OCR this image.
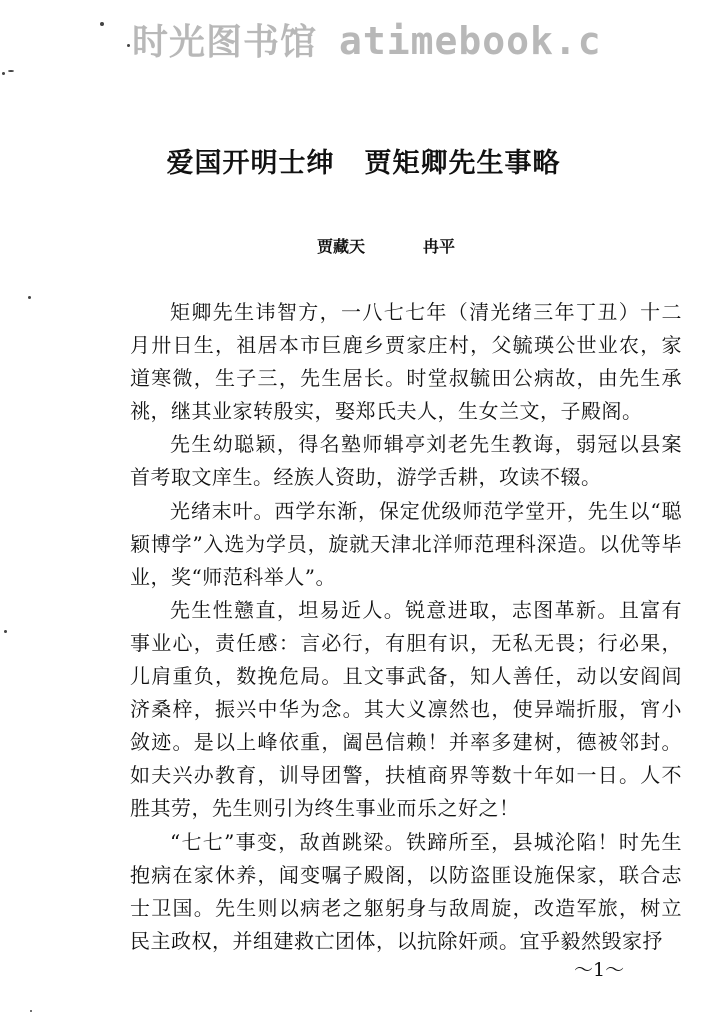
时光图书馆 atimebook.c
爱国开明士绅 贾矩卿先生事略
贾藏天	冉平

矩卿先生讳智方，一八七七年（清光绪三年丁丑）十二月卅日生，祖居本市巨鹿乡贾家庄村，父毓瑛公世业农，家道寒微，生子三，先生居长。时堂叔毓田公病故，由先生承祧，继其业家转殷实，娶郑氏夫人，生女兰文，子殿阁。

先生幼聪颖，得名塾师辑亭刘老先生教诲，弱冠以县案首考取文庠生。经族人资助，游学舌耕，攻读不辍。

光绪末叶。西学东渐，保定优级师范学堂开，先生以“聪颖博学”入选为学员，旋就天津北洋师范理科深造。以优等毕业，奖“师范科举人”。

先生性戆直，坦易近人。锐意进取，志图革新。且富有事业心，责任感：言必行，有胆有识，无私无畏；行必果，儿肩重负，数挽危局。且文事武备，知人善任，动以安阎闾济桑梓，振兴中华为念。其大义凛然也，使异端折服，宵小敛迹。是以上峰依重，阖邑信赖！并率多建树，德被邻封。如夫兴办教育，训导团警，扶植商界等数十年如一日。人不胜其劳，先生则引为终生事业而乐之好之！

“七七”事变，敌酋跳梁。铁蹄所至，县城沦陷！时先生抱病在家休养，闻变嘱子殿阁，以防盗匪设施保家，联合志士卫国。先生则以病老之躯躬身与敌周旋，改造军旅，树立民主政权，并组建救亡团体，以抗除奸顽。宜乎毅然毁家抒

～1～
